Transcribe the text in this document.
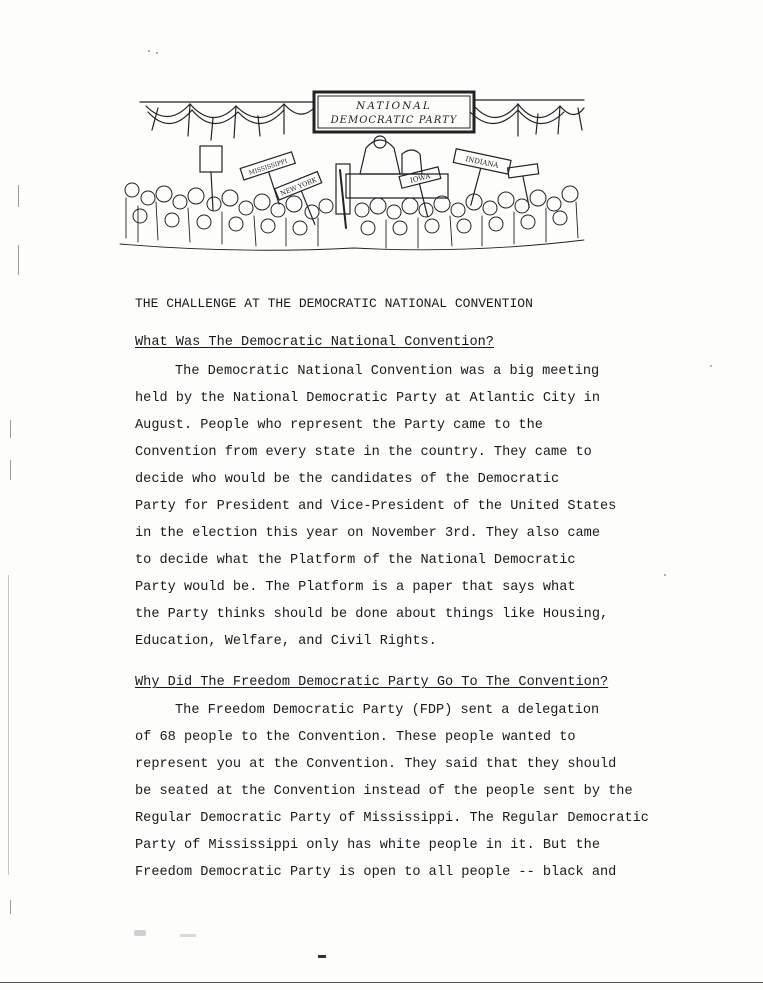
NATIONAL
DEMOCRATIC PARTY
MISSISSIPPI
NEW YORK	IOWA
INDIANA
THE CHALLENGE AT THE DEMOCRATIC NATIONAL CONVENTION
What Was The Democratic National Convention?
The Democratic National Convention was a big meeting
held by the National Democratic Party at Atlantic City in
August. People who represent the Party came to the
Convention from every state in the country. They came to
decide who would be the candidates of the Democratic
Party for President and Vice-President of the United States
in the election this year on November 3rd. They also came
to decide what the Platform of the National Democratic
Party would be. The Platform is a paper that says what
the Party thinks should be done about things like Housing,
Education, Welfare, and Civil Rights.
Why Did The Freedom Democratic Party Go To The Convention?
The Freedom Democratic Party (FDP) sent a delegation
of 68 people to the Convention. These people wanted to
represent you at the Convention. They said that they should
be seated at the Convention instead of the people sent by the
Regular Democratic Party of Mississippi. The Regular Democratic
Party of Mississippi only has white people in it. But the
Freedom Democratic Party is open to all people -- black and
